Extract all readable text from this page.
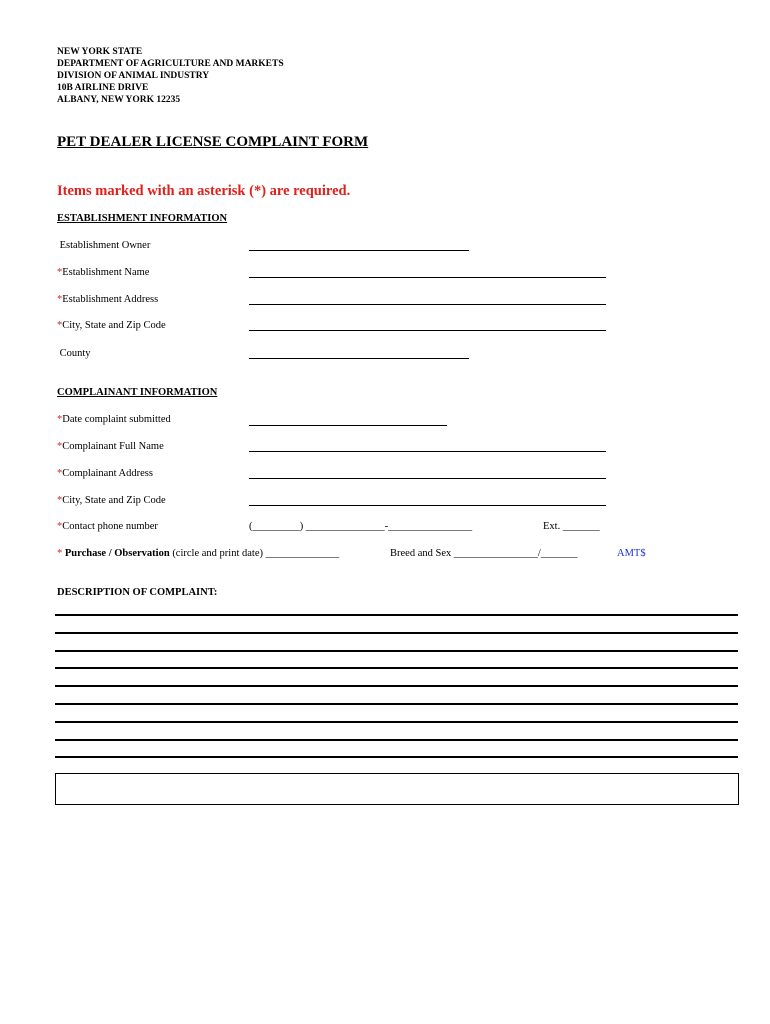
NEW YORK STATE
DEPARTMENT OF AGRICULTURE AND MARKETS
DIVISION OF ANIMAL INDUSTRY
10B AIRLINE DRIVE
ALBANY, NEW YORK 12235
PET DEALER LICENSE COMPLAINT FORM
Items marked with an asterisk (*) are required.
ESTABLISHMENT INFORMATION
Establishment Owner
*Establishment Name
*Establishment Address
*City, State and Zip Code
County
COMPLAINANT INFORMATION
*Date complaint submitted
*Complainant Full Name
*Complainant Address
*City, State and Zip Code
*Contact phone number	(_________) _______________-________________	Ext. _______
* Purchase / Observation (circle and print date) ______________	Breed and Sex ________________/_______	AMT$
DESCRIPTION OF COMPLAINT:
